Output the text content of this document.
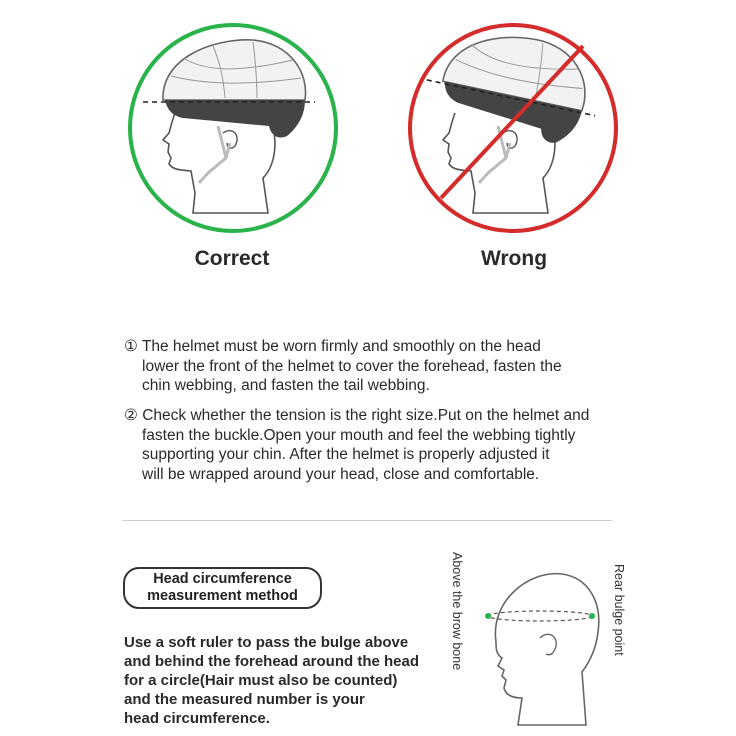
Correct	Wrong
① The helmet must be worn firmly and smoothly on the head
lower the front of the helmet to cover the forehead, fasten the
chin webbing, and fasten the tail webbing.
② Check whether the tension is the right size.Put on the helmet and
fasten the buckle.Open your mouth and feel the webbing tightly
supporting your chin. After the helmet is properly adjusted it
will be wrapped around your head, close and comfortable.
Head circumference
measurement method
Use a soft ruler to pass the bulge above
and behind the forehead around the head
for a circle(Hair must also be counted)
and the measured number is your
head circumference.
Above the brow bone	Rear bulge point
